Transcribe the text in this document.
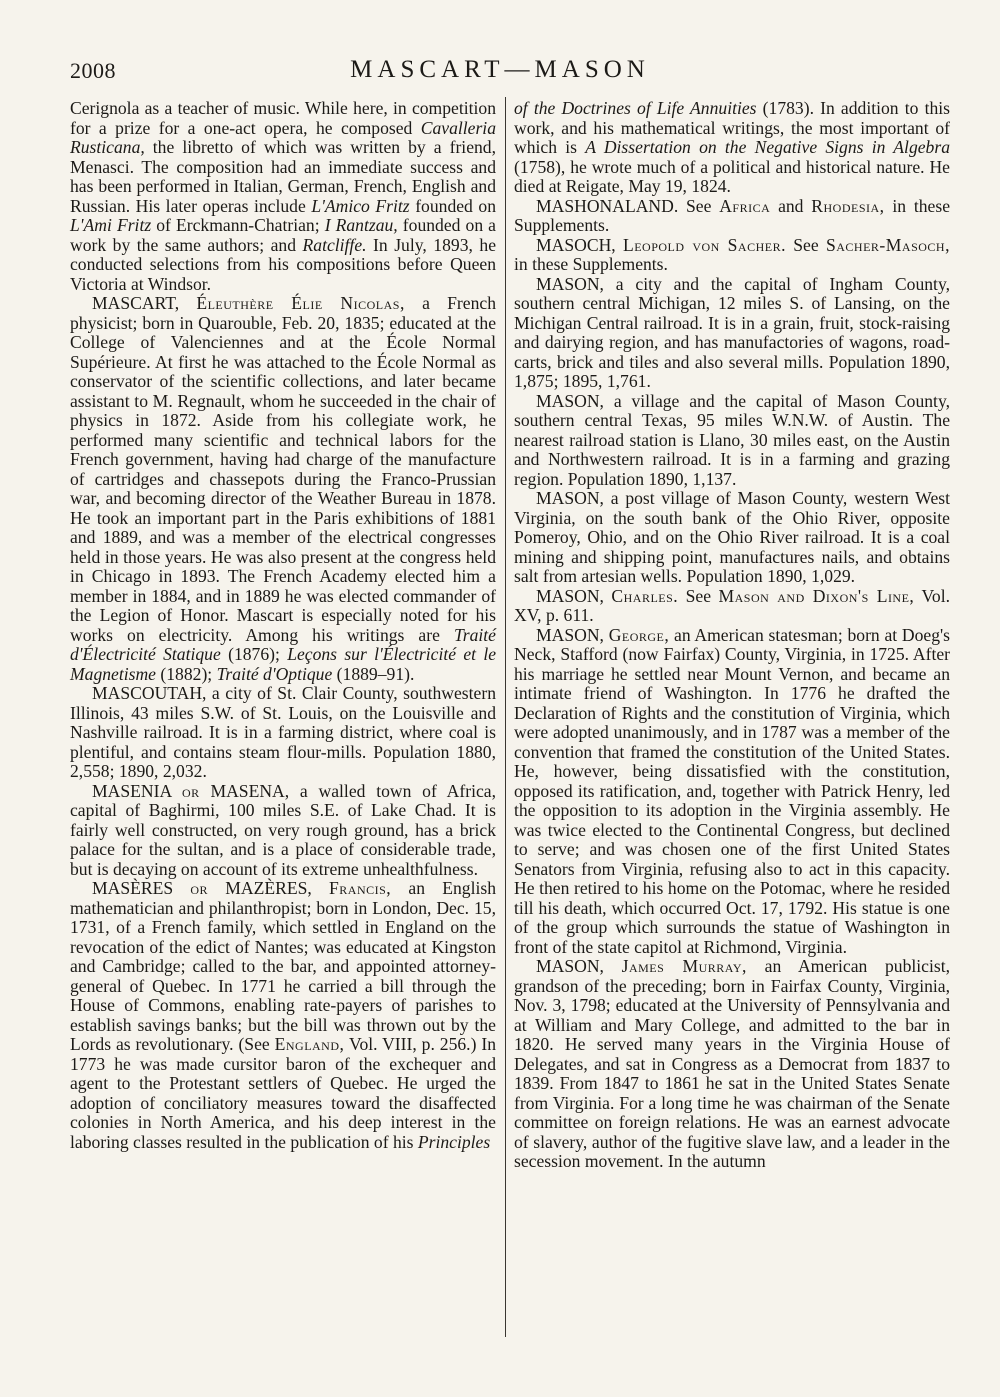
2008	MASCART—MASON

Cerignola as a teacher of music. While here, in competition for a prize for a one-act opera, he composed Cavalleria Rusticana, the libretto of which was written by a friend, Menasci. The composition had an immediate success and has been performed in Italian, German, French, English and Russian. His later operas include L'Amico Fritz founded on L'Ami Fritz of Erckmann-Chatrian; I Rantzau, founded on a work by the same authors; and Ratcliffe. In July, 1893, he conducted selections from his compositions before Queen Victoria at Windsor.

MASCART, Éleuthère Élie Nicolas, a French physicist; born in Quarouble, Feb. 20, 1835; educated at the College of Valenciennes and at the École Normal Supérieure. At first he was attached to the École Normal as conservator of the scientific collections, and later became assistant to M. Regnault, whom he succeeded in the chair of physics in 1872. Aside from his collegiate work, he performed many scientific and technical labors for the French government, having had charge of the manufacture of cartridges and chassepots during the Franco-Prussian war, and becoming director of the Weather Bureau in 1878. He took an important part in the Paris exhibitions of 1881 and 1889, and was a member of the electrical congresses held in those years. He was also present at the congress held in Chicago in 1893. The French Academy elected him a member in 1884, and in 1889 he was elected commander of the Legion of Honor. Mascart is especially noted for his works on electricity. Among his writings are Traité d'Électricité Statique (1876); Leçons sur l'Électricité et le Magnetisme (1882); Traité d'Optique (1889–91).

MASCOUTAH, a city of St. Clair County, southwestern Illinois, 43 miles S.W. of St. Louis, on the Louisville and Nashville railroad. It is in a farming district, where coal is plentiful, and contains steam flour-mills. Population 1880, 2,558; 1890, 2,032.

MASENIA or MASENA, a walled town of Africa, capital of Baghirmi, 100 miles S.E. of Lake Chad. It is fairly well constructed, on very rough ground, has a brick palace for the sultan, and is a place of considerable trade, but is decaying on account of its extreme unhealthfulness.

MASÈRES or MAZÈRES, Francis, an English mathematician and philanthropist; born in London, Dec. 15, 1731, of a French family, which settled in England on the revocation of the edict of Nantes; was educated at Kingston and Cambridge; called to the bar, and appointed attorney-general of Quebec. In 1771 he carried a bill through the House of Commons, enabling rate-payers of parishes to establish savings banks; but the bill was thrown out by the Lords as revolutionary. (See England, Vol. VIII, p. 256.) In 1773 he was made cursitor baron of the exchequer and agent to the Protestant settlers of Quebec. He urged the adoption of conciliatory measures toward the disaffected colonies in North America, and his deep interest in the laboring classes resulted in the publication of his Principles

of the Doctrines of Life Annuities (1783). In addition to this work, and his mathematical writings, the most important of which is A Dissertation on the Negative Signs in Algebra (1758), he wrote much of a political and historical nature. He died at Reigate, May 19, 1824.

MASHONALAND. See Africa and Rhodesia, in these Supplements.

MASOCH, Leopold von Sacher. See Sacher-Masoch, in these Supplements.

MASON, a city and the capital of Ingham County, southern central Michigan, 12 miles S. of Lansing, on the Michigan Central railroad. It is in a grain, fruit, stock-raising and dairying region, and has manufactories of wagons, road-carts, brick and tiles and also several mills. Population 1890, 1,875; 1895, 1,761.

MASON, a village and the capital of Mason County, southern central Texas, 95 miles W.N.W. of Austin. The nearest railroad station is Llano, 30 miles east, on the Austin and Northwestern railroad. It is in a farming and grazing region. Population 1890, 1,137.

MASON, a post village of Mason County, western West Virginia, on the south bank of the Ohio River, opposite Pomeroy, Ohio, and on the Ohio River railroad. It is a coal mining and shipping point, manufactures nails, and obtains salt from artesian wells. Population 1890, 1,029.

MASON, Charles. See Mason and Dixon's Line, Vol. XV, p. 611.

MASON, George, an American statesman; born at Doeg's Neck, Stafford (now Fairfax) County, Virginia, in 1725. After his marriage he settled near Mount Vernon, and became an intimate friend of Washington. In 1776 he drafted the Declaration of Rights and the constitution of Virginia, which were adopted unanimously, and in 1787 was a member of the convention that framed the constitution of the United States. He, however, being dissatisfied with the constitution, opposed its ratification, and, together with Patrick Henry, led the opposition to its adoption in the Virginia assembly. He was twice elected to the Continental Congress, but declined to serve; and was chosen one of the first United States Senators from Virginia, refusing also to act in this capacity. He then retired to his home on the Potomac, where he resided till his death, which occurred Oct. 17, 1792. His statue is one of the group which surrounds the statue of Washington in front of the state capitol at Richmond, Virginia.

MASON, James Murray, an American publicist, grandson of the preceding; born in Fairfax County, Virginia, Nov. 3, 1798; educated at the University of Pennsylvania and at William and Mary College, and admitted to the bar in 1820. He served many years in the Virginia House of Delegates, and sat in Congress as a Democrat from 1837 to 1839. From 1847 to 1861 he sat in the United States Senate from Virginia. For a long time he was chairman of the Senate committee on foreign relations. He was an earnest advocate of slavery, author of the fugitive slave law, and a leader in the secession movement. In the autumn
